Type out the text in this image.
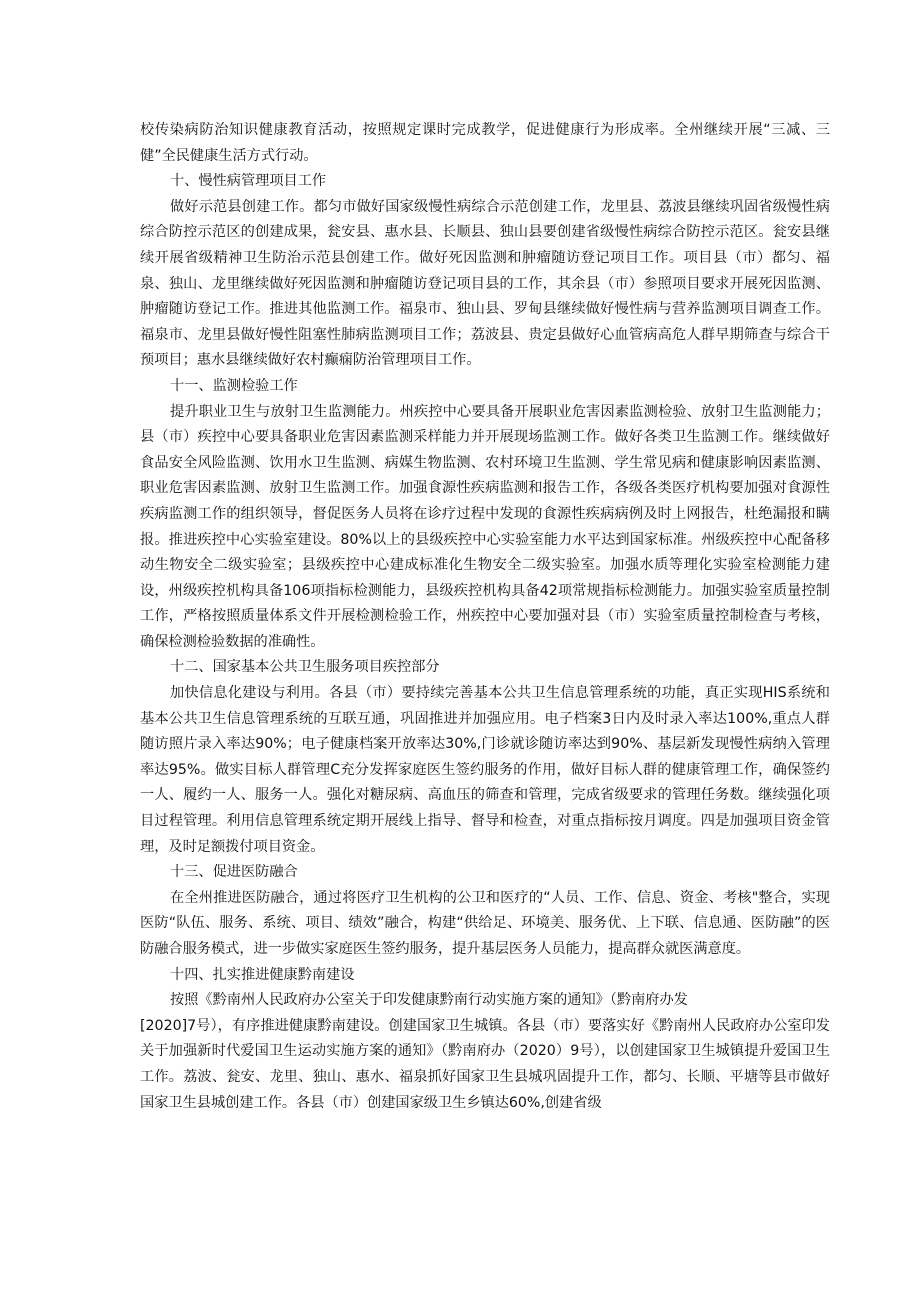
校传染病防治知识健康教育活动，按照规定课时完成教学，促进健康行为形成率。全州继续开展“三减、三健”全民健康生活方式行动。

十、慢性病管理项目工作

做好示范县创建工作。都匀市做好国家级慢性病综合示范创建工作，龙里县、荔波县继续巩固省级慢性病综合防控示范区的创建成果，瓮安县、惠水县、长顺县、独山县要创建省级慢性病综合防控示范区。瓮安县继续开展省级精神卫生防治示范县创建工作。做好死因监测和肿瘤随访登记项目工作。项目县（市）都匀、福泉、独山、龙里继续做好死因监测和肿瘤随访登记项目县的工作，其余县（市）参照项目要求开展死因监测、肿瘤随访登记工作。推进其他监测工作。福泉市、独山县、罗甸县继续做好慢性病与营养监测项目调查工作。福泉市、龙里县做好慢性阻塞性肺病监测项目工作；荔波县、贵定县做好心血管病高危人群早期筛查与综合干预项目；惠水县继续做好农村癫痫防治管理项目工作。

十一、监测检验工作

提升职业卫生与放射卫生监测能力。州疾控中心要具备开展职业危害因素监测检验、放射卫生监测能力；县（市）疾控中心要具备职业危害因素监测采样能力并开展现场监测工作。做好各类卫生监测工作。继续做好食品安全风险监测、饮用水卫生监测、病媒生物监测、农村环境卫生监测、学生常见病和健康影响因素监测、职业危害因素监测、放射卫生监测工作。加强食源性疾病监测和报告工作，各级各类医疗机构要加强对食源性疾病监测工作的组织领导，督促医务人员将在诊疗过程中发现的食源性疾病病例及时上网报告，杜绝漏报和瞒报。推进疾控中心实验室建设。80%以上的县级疾控中心实验室能力水平达到国家标准。州级疾控中心配备移动生物安全二级实验室；县级疾控中心建成标准化生物安全二级实验室。加强水质等理化实验室检测能力建设，州级疾控机构具备106项指标检测能力，县级疾控机构具备42项常规指标检测能力。加强实验室质量控制工作，严格按照质量体系文件开展检测检验工作，州疾控中心要加强对县（市）实验室质量控制检查与考核，确保检测检验数据的准确性。

十二、国家基本公共卫生服务项目疾控部分

加快信息化建设与利用。各县（市）要持续完善基本公共卫生信息管理系统的功能，真正实现HIS系统和基本公共卫生信息管理系统的互联互通，巩固推进并加强应用。电子档案3日内及时录入率达100%,重点人群随访照片录入率达90%；电子健康档案开放率达30%,门诊就诊随访率达到90%、基层新发现慢性病纳入管理率达95%。做实目标人群管理C充分发挥家庭医生签约服务的作用，做好目标人群的健康管理工作，确保签约一人、履约一人、服务一人。强化对糖尿病、高血压的筛查和管理，完成省级要求的管理任务数。继续强化项目过程管理。利用信息管理系统定期开展线上指导、督导和检查，对重点指标按月调度。四是加强项目资金管理，及时足额拨付项目资金。

十三、促进医防融合

在全州推进医防融合，通过将医疗卫生机构的公卫和医疗的“人员、工作、信息、资金、考核"整合，实现医防“队伍、服务、系统、项目、绩效”融合，构建“供给足、环境美、服务优、上下联、信息通、医防融”的医防融合服务模式，进一步做实家庭医生签约服务，提升基层医务人员能力，提高群众就医满意度。

十四、扎实推进健康黔南建设

按照《黔南州人民政府办公室关于印发健康黔南行动实施方案的通知》（黔南府办发

[2020]7号），有序推进健康黔南建设。创建国家卫生城镇。各县（市）要落实好《黔南州人民政府办公室印发关于加强新时代爱国卫生运动实施方案的通知》（黔南府办（2020）9号），以创建国家卫生城镇提升爱国卫生工作。荔波、瓮安、龙里、独山、惠水、福泉抓好国家卫生县城巩固提升工作，都匀、长顺、平塘等县市做好国家卫生县城创建工作。各县（市）创建国家级卫生乡镇达60%,创建省级
